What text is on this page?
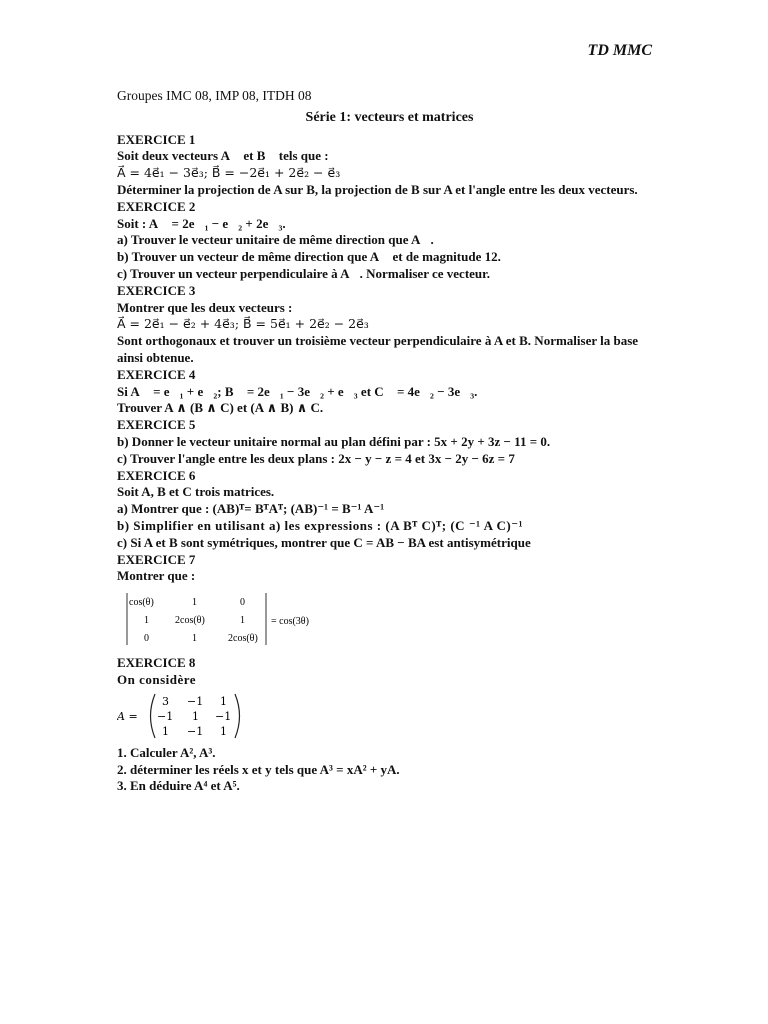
TD MMC
Groupes IMC 08, IMP 08, ITDH 08
Série 1: vecteurs et matrices
EXERCICE 1
Soit deux vecteurs A⃗ et B⃗ tels que :
A⃗ = 4e⃗₁ − 3e⃗₃; B⃗ = −2e⃗₁ + 2e⃗₂ − e⃗₃
Déterminer la projection de A sur B, la projection de B sur A et l'angle entre les deux vecteurs.
EXERCICE 2
Soit : A⃗ = 2e⃗₁ − e⃗₂ + 2e⃗₃.
a) Trouver le vecteur unitaire de même direction que A⃗.
b) Trouver un vecteur de même direction que A⃗ et de magnitude 12.
c) Trouver un vecteur perpendiculaire à A⃗. Normaliser ce vecteur.
EXERCICE 3
Montrer que les deux vecteurs :
A⃗ = 2e⃗₁ − e⃗₂ + 4e⃗₃; B⃗ = 5e⃗₁ + 2e⃗₂ − 2e⃗₃
Sont orthogonaux et trouver un troisième vecteur perpendiculaire à A et B. Normaliser la base ainsi obtenue.
EXERCICE 4
Si A⃗ = e⃗₁ + e⃗₂; B⃗ = 2e⃗₁ − 3e⃗₂ + e⃗₃ et C⃗ = 4e⃗₂ − 3e⃗₃.
Trouver A ∧ (B ∧ C) et (A ∧ B) ∧ C.
EXERCICE 5
b) Donner le vecteur unitaire normal au plan défini par : 5x + 2y + 3z − 11 = 0.
c) Trouver l'angle entre les deux plans : 2x − y − z = 4 et 3x − 2y − 6z = 7
EXERCICE 6
Soit A, B et C trois matrices.
a) Montrer que : (AB)ᵀ= BᵀAᵀ; (AB)⁻¹ = B⁻¹ A⁻¹
b) Simplifier en utilisant a) les expressions : (A Bᵀ C)ᵀ; (C ⁻¹ A C)⁻¹
c) Si A et B sont symétriques, montrer que C = AB − BA est antisymétrique
EXERCICE 7
Montrer que :
cos(θ)	1	0
1	2cos(θ)	1
0	1	2cos(θ)
= cos(3θ)
EXERCICE 8
On considère
A =
3 −1 1
−1 1 −1
1 −1 1
1. Calculer A², A³.
2. déterminer les réels x et y tels que A³ = xA² + yA.
3. En déduire A⁴ et A⁵.
